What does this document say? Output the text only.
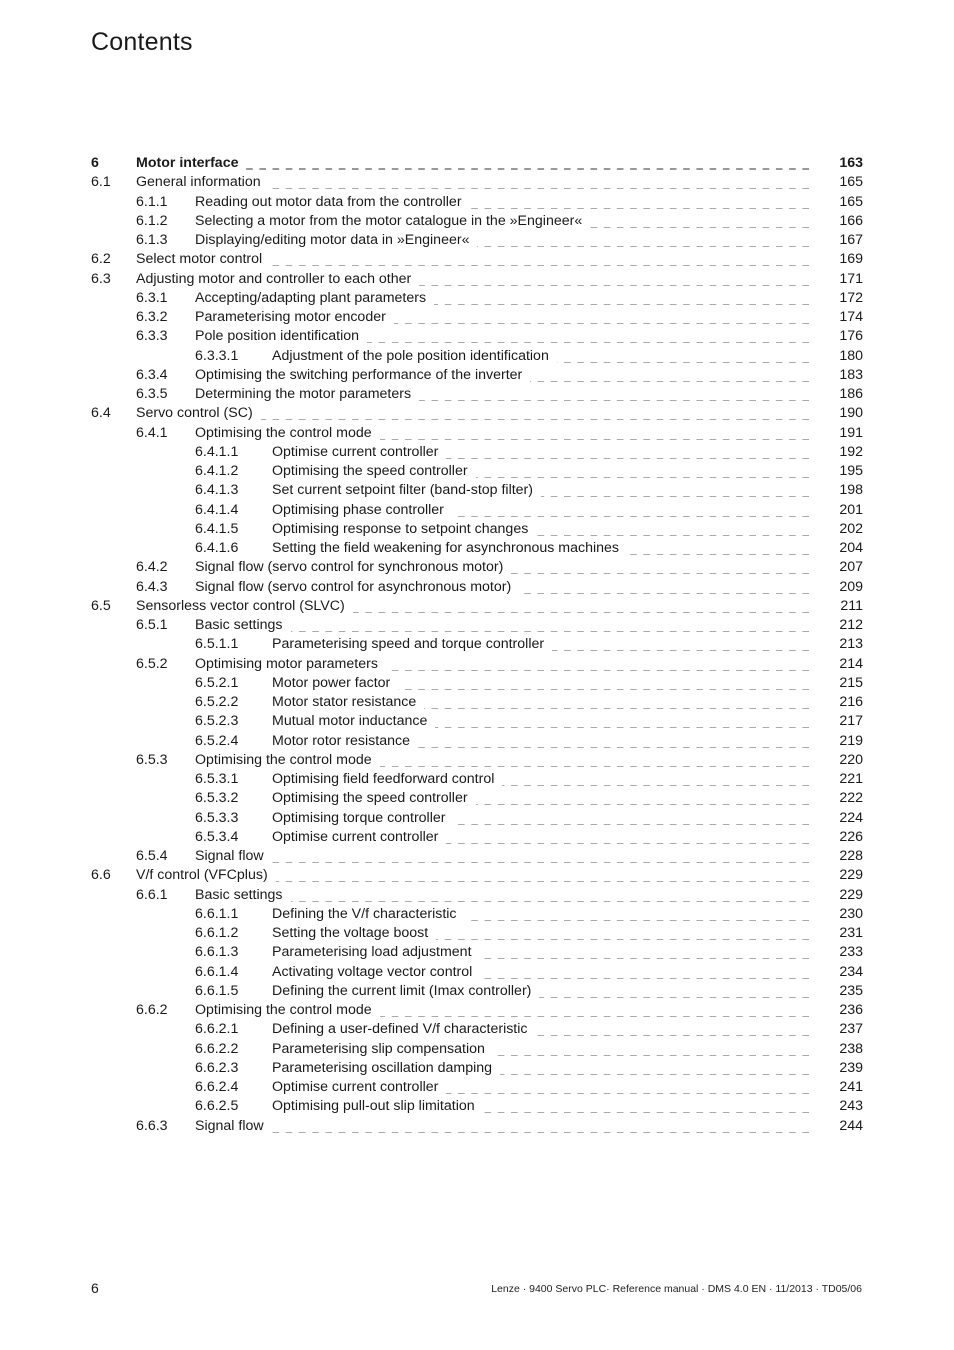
Contents
_ _ _
6	Motor interface _ _ _	163
6.1 General information _ _ _	165
6.1.1 Reading out motor data from the controller _ _ _	165
6.1.2 Selecting a motor from the motor catalogue in the »Engineer« _ _ _	166
6.1.3 Displaying/editing motor data in »Engineer« _ _ _	167
6.2 Select motor control _ _ _	169
6.3 Adjusting motor and controller to each other _ _ _	171
6.3.1 Accepting/adapting plant parameters _ _ _	172
6.3.2 Parameterising motor encoder _ _ _	174
6.3.3 Pole position identification _ _ _	176
6.3.3.1 Adjustment of the pole position identification _ _ _	180
6.3.4 Optimising the switching performance of the inverter _ _ _	183
6.3.5 Determining the motor parameters _ _ _	186
6.4 Servo control (SC) _ _ _	190
6.4.1 Optimising the control mode _ _ _	191
6.4.1.1 Optimise current controller _ _ _	192
6.4.1.2 Optimising the speed controller _ _ _	195
6.4.1.3 Set current setpoint filter (band-stop filter) _ _ _	198
6.4.1.4 Optimising phase controller _ _ _	201
6.4.1.5 Optimising response to setpoint changes _ _ _	202
6.4.1.6 Setting the field weakening for asynchronous machines _ _ _	204
6.4.2 Signal flow (servo control for synchronous motor) _ _ _	207
6.4.3 Signal flow (servo control for asynchronous motor) _ _ _	209
6.5 Sensorless vector control (SLVC) _ _ _	211
6.5.1 Basic settings _ _ _	212
6.5.1.1 Parameterising speed and torque controller _ _ _	213
6.5.2 Optimising motor parameters _ _ _	214
6.5.2.1 Motor power factor _ _ _	215
6.5.2.2 Motor stator resistance _ _ _	216
6.5.2.3 Mutual motor inductance _ _ _	217
6.5.2.4 Motor rotor resistance _ _ _	219
6.5.3 Optimising the control mode _ _ _	220
6.5.3.1 Optimising field feedforward control _ _ _	221
6.5.3.2 Optimising the speed controller _ _ _	222
6.5.3.3 Optimising torque controller _ _ _	224
6.5.3.4 Optimise current controller _ _ _	226
6.5.4 Signal flow _ _ _	228
6.6 V/f control (VFCplus) _ _ _	229
6.6.1 Basic settings _ _ _	229
6.6.1.1 Defining the V/f characteristic _ _ _	230
6.6.1.2 Setting the voltage boost _ _ _	231
6.6.1.3 Parameterising load adjustment _ _ _	233
6.6.1.4 Activating voltage vector control _ _ _	234
6.6.1.5 Defining the current limit (Imax controller) _ _ _	235
6.6.2 Optimising the control mode _ _ _	236
6.6.2.1 Defining a user-defined V/f characteristic _ _ _	237
6.6.2.2 Parameterising slip compensation _ _ _	238
6.6.2.3 Parameterising oscillation damping _ _ _	239
6.6.2.4 Optimise current controller _ _ _	241
6.6.2.5 Optimising pull-out slip limitation _ _ _	243
6.6.3 Signal flow _ _ _	244
6	Lenze · 9400 Servo PLC· Reference manual · DMS 4.0 EN · 11/2013 · TD05/06
